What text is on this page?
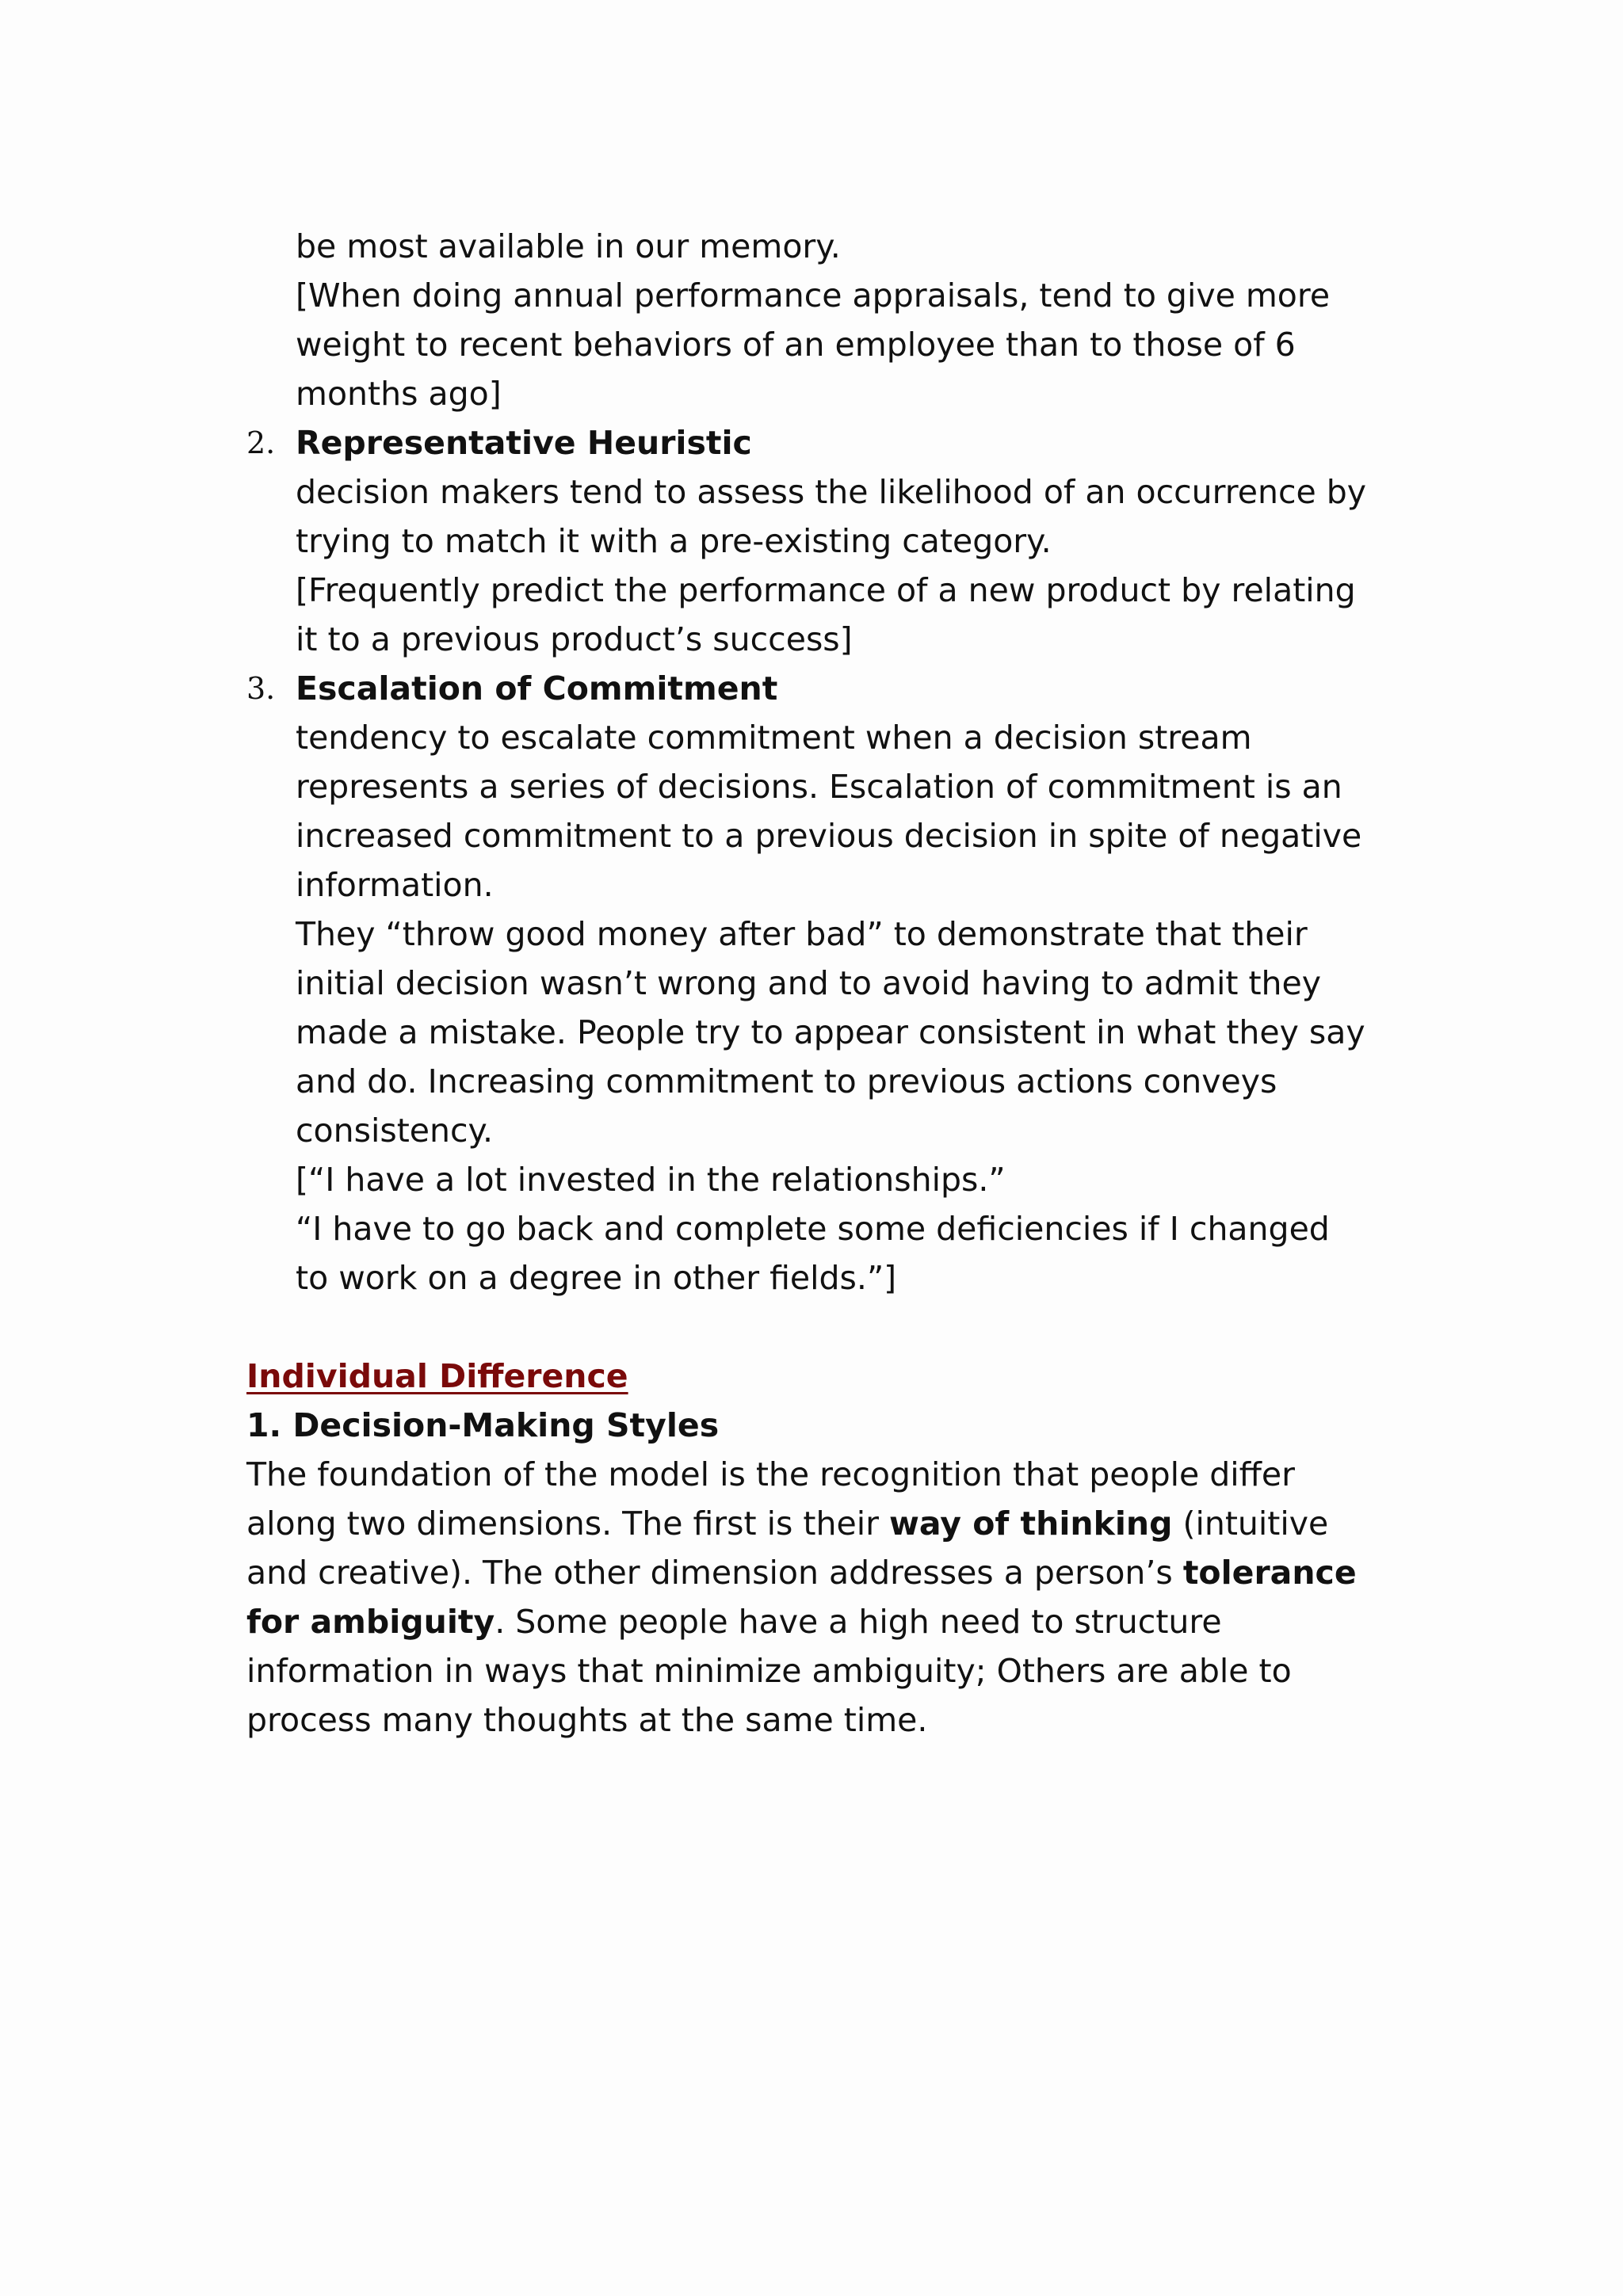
be most available in our memory.
[When doing annual performance appraisals, tend to give more
weight to recent behaviors of an employee than to those of 6
months ago]
2. Representative Heuristic
decision makers tend to assess the likelihood of an occurrence by
trying to match it with a pre-existing category.
[Frequently predict the performance of a new product by relating
it to a previous product’s success]
3. Escalation of Commitment
tendency to escalate commitment when a decision stream
represents a series of decisions. Escalation of commitment is an
increased commitment to a previous decision in spite of negative
information.
They “throw good money after bad” to demonstrate that their
initial decision wasn’t wrong and to avoid having to admit they
made a mistake. People try to appear consistent in what they say
and do. Increasing commitment to previous actions conveys
consistency.
[“I have a lot invested in the relationships.”
“I have to go back and complete some deficiencies if I changed
to work on a degree in other fields.”]
Individual Difference
1. Decision-Making Styles
The foundation of the model is the recognition that people differ
along two dimensions. The first is their way of thinking (intuitive
and creative). The other dimension addresses a person’s tolerance
for ambiguity. Some people have a high need to structure
information in ways that minimize ambiguity; Others are able to
process many thoughts at the same time.
